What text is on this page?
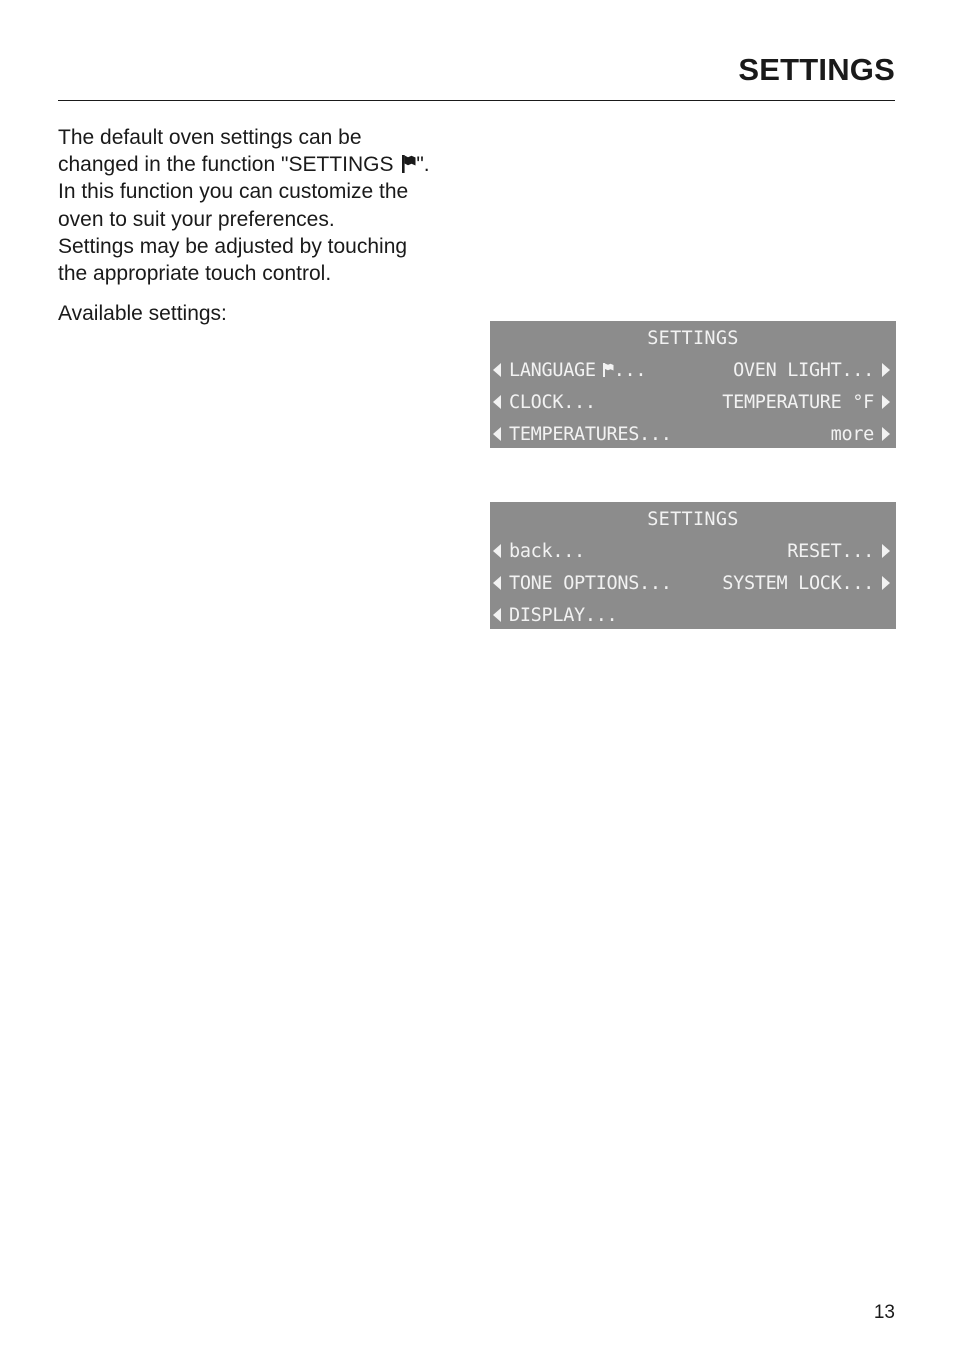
SETTINGS

The default oven settings can be

changed in the function "SETTINGS ".

In this function you can customize the

oven to suit your preferences.

Settings may be adjusted by touching

the appropriate touch control.

Available settings:
SETTINGS
LANGUAGE ...	OVEN LIGHT...
CLOCK...	TEMPERATURE °F
TEMPERATURES...	more
SETTINGS
back...	RESET...
TONE OPTIONS...	SYSTEM LOCK...
DISPLAY...
13
